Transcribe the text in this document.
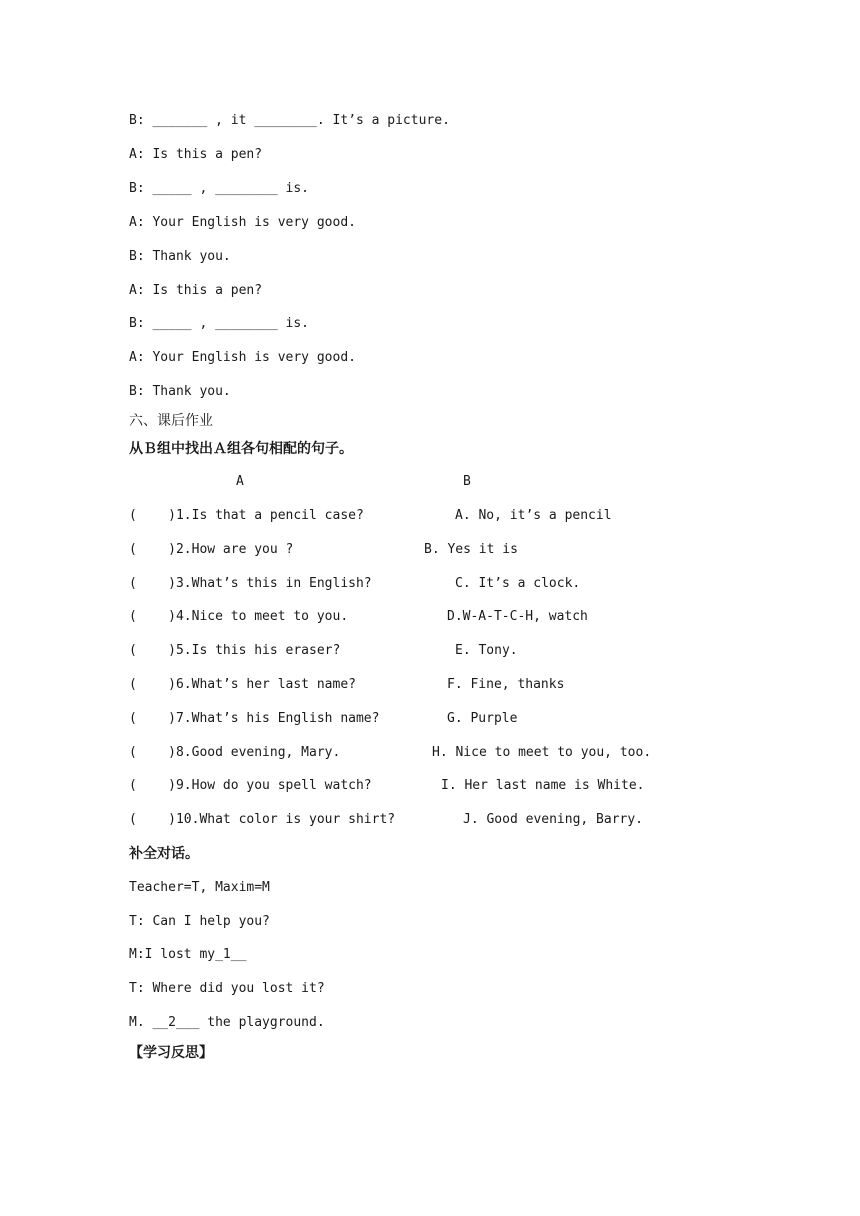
B: _______ , it ________. It’s a picture.
A: Is this a pen?
B: _____ , ________ is.
A: Your English is very good.
B: Thank you.
A: Is this a pen?
B: _____ , ________ is.
A: Your English is very good.
B: Thank you.
六、课后作业
从Ｂ组中找出Ａ组各句相配的句子。
A	B
(    )1.Is that a pencil case?	A. No, it’s a pencil
(    )2.How are you ?	B. Yes it is
(    )3.What’s this in English?	C. It’s a clock.
(    )4.Nice to meet to you.	D.W-A-T-C-H, watch
(    )5.Is this his eraser?	E. Tony.
(    )6.What’s her last name?	F. Fine, thanks
(    )7.What’s his English name?	G. Purple
(    )8.Good evening, Mary.	H. Nice to meet to you, too.
(    )9.How do you spell watch?	I. Her last name is White.
(    )10.What color is your shirt?	J. Good evening, Barry.
补全对话。
Teacher=T, Maxim=M
T: Can I help you?
M:I lost my_1__
T: Where did you lost it?
M. __2___ the playground.
【学习反思】
